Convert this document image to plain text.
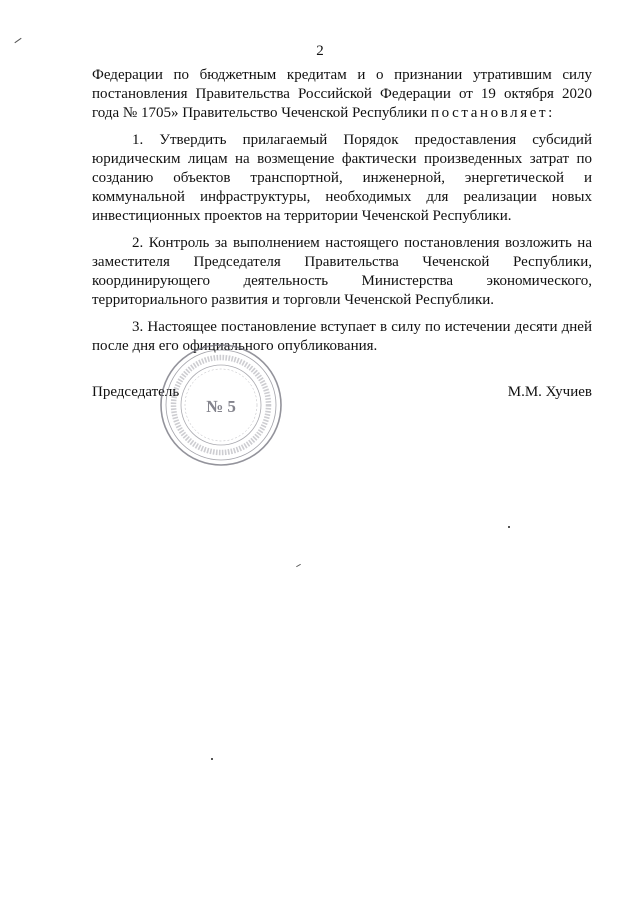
2

Федерации по бюджетным кредитам и о признании утратившим силу постановления Правительства Российской Федерации от 19 октября 2020 года № 1705» Правительство Чеченской Республики постановляет:

1. Утвердить прилагаемый Порядок предоставления субсидий юридическим лицам на возмещение фактически произведенных затрат по созданию объектов транспортной, инженерной, энергетической и коммунальной инфраструктуры, необходимых для реализации новых инвестиционных проектов на территории Чеченской Республики.

2. Контроль за выполнением настоящего постановления возложить на заместителя Председателя Правительства Чеченской Республики, координирующего деятельность Министерства экономического, территориального развития и торговли Чеченской Республики.

3. Настоящее постановление вступает в силу по истечении десяти дней после дня его официального опубликования.

Председатель	М.М. Хучиев
№ 5
